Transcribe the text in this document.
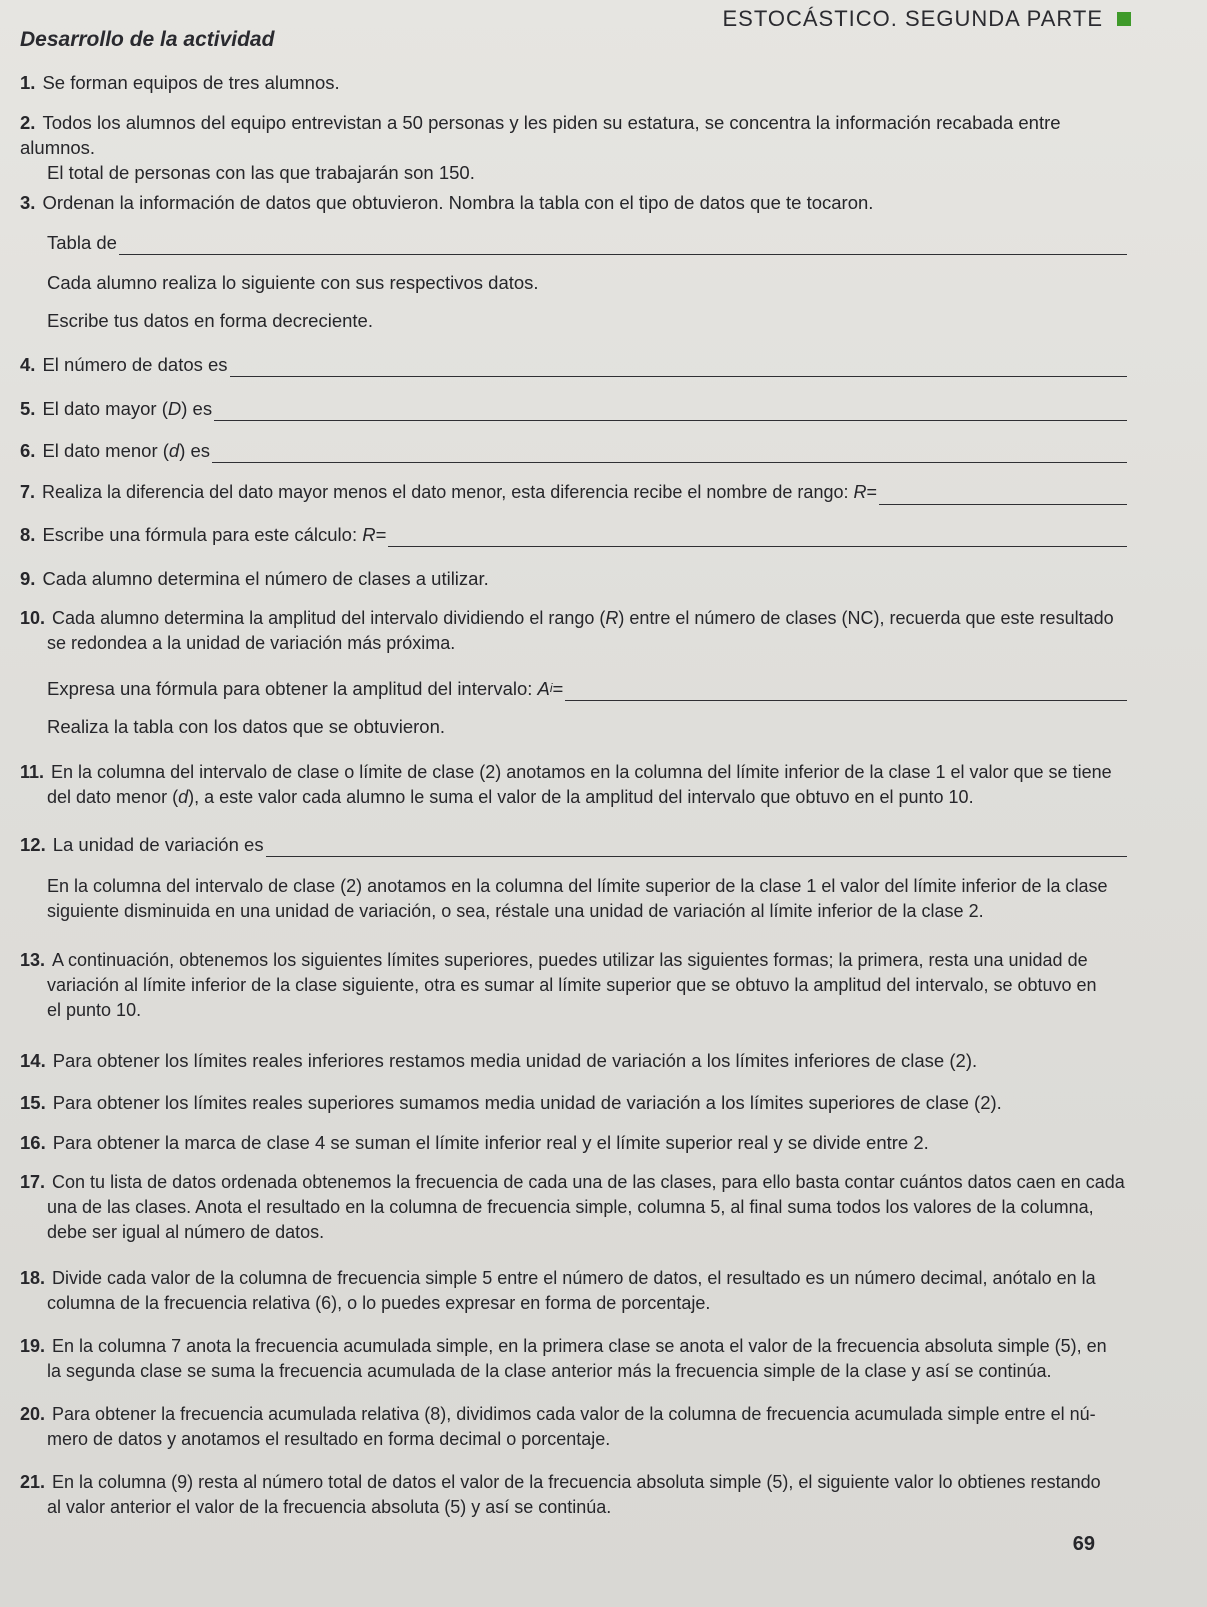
ESTOCÁSTICO. SEGUNDA PARTE
Desarrollo de la actividad
1. Se forman equipos de tres alumnos.
2. Todos los alumnos del equipo entrevistan a 50 personas y les piden su estatura, se concentra la información recabada entre alumnos.
El total de personas con las que trabajarán son 150.
3. Ordenan la información de datos que obtuvieron. Nombra la tabla con el tipo de datos que te tocaron.
Tabla de
Cada alumno realiza lo siguiente con sus respectivos datos.
Escribe tus datos en forma decreciente.
4. El número de datos es
5. El dato mayor ( D ) es
6. El dato menor ( d ) es
7. Realiza la diferencia del dato mayor menos el dato menor, esta diferencia recibe el nombre de rango:
R =
8. Escribe una fórmula para este cálculo:
R =
9. Cada alumno determina el número de clases a utilizar.
10. Cada alumno determina la amplitud del intervalo dividiendo el rango (R) entre el número de clases (NC), recuerda que este resultado
se redondea a la unidad de variación más próxima.
Expresa una fórmula para obtener la amplitud del intervalo:
A i =
Realiza la tabla con los datos que se obtuvieron.
11. En la columna del intervalo de clase o límite de clase (2) anotamos en la columna del límite inferior de la clase 1 el valor que se tiene
del dato menor (d), a este valor cada alumno le suma el valor de la amplitud del intervalo que obtuvo en el punto 10.
12. La unidad de variación es
En la columna del intervalo de clase (2) anotamos en la columna del límite superior de la clase 1 el valor del límite inferior de la clase
siguiente disminuida en una unidad de variación, o sea, réstale una unidad de variación al límite inferior de la clase 2.
13. A continuación, obtenemos los siguientes límites superiores, puedes utilizar las siguientes formas; la primera, resta una unidad de
variación al límite inferior de la clase siguiente, otra es sumar al límite superior que se obtuvo la amplitud del intervalo, se obtuvo en
el punto 10.
14. Para obtener los límites reales inferiores restamos media unidad de variación a los límites inferiores de clase (2).
15. Para obtener los límites reales superiores sumamos media unidad de variación a los límites superiores de clase (2).
16. Para obtener la marca de clase 4 se suman el límite inferior real y el límite superior real y se divide entre 2.
17. Con tu lista de datos ordenada obtenemos la frecuencia de cada una de las clases, para ello basta contar cuántos datos caen en cada
una de las clases. Anota el resultado en la columna de frecuencia simple, columna 5, al final suma todos los valores de la columna,
debe ser igual al número de datos.
18. Divide cada valor de la columna de frecuencia simple 5 entre el número de datos, el resultado es un número decimal, anótalo en la
columna de la frecuencia relativa (6), o lo puedes expresar en forma de porcentaje.
19. En la columna 7 anota la frecuencia acumulada simple, en la primera clase se anota el valor de la frecuencia absoluta simple (5), en
la segunda clase se suma la frecuencia acumulada de la clase anterior más la frecuencia simple de la clase y así se continúa.
20. Para obtener la frecuencia acumulada relativa (8), dividimos cada valor de la columna de frecuencia acumulada simple entre el nú-
mero de datos y anotamos el resultado en forma decimal o porcentaje.
21. En la columna (9) resta al número total de datos el valor de la frecuencia absoluta simple (5), el siguiente valor lo obtienes restando
al valor anterior el valor de la frecuencia absoluta (5) y así se continúa.
69
